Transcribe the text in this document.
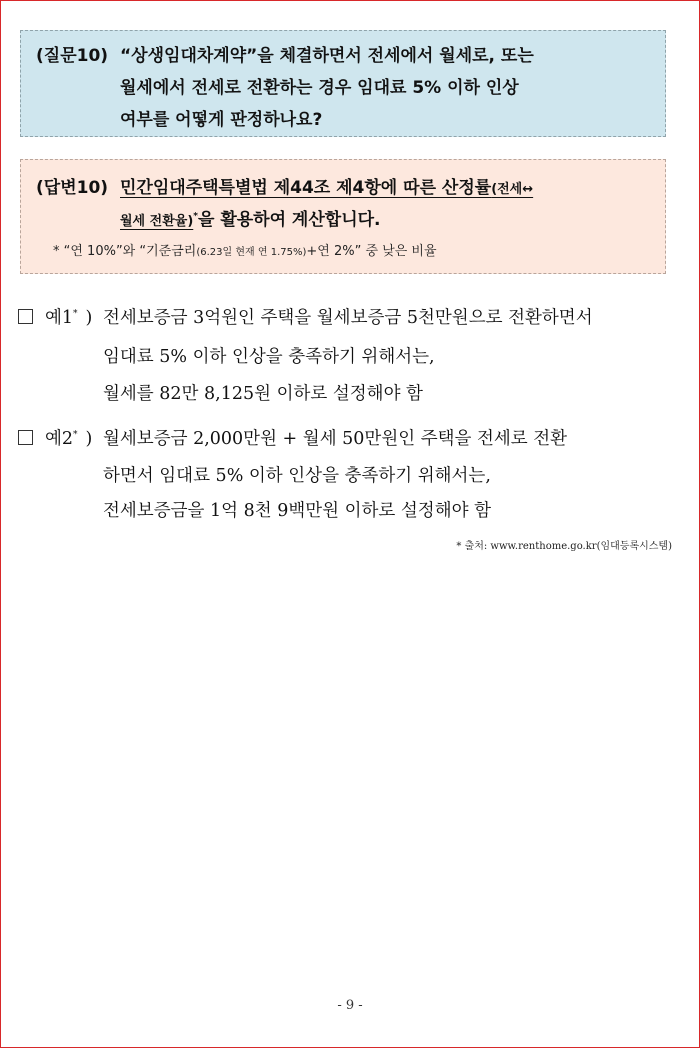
(질문10) “상생임대차계약”을 체결하면서 전세에서 월세로, 또는
월세에서 전세로 전환하는 경우 임대료 5% 이하 인상
여부를 어떻게 판정하나요?
(답변10) 민간임대주택특별법 제44조 제4항에 따른 산정률(전세↔
월세 전환율)*을 활용하여 계산합니다.
* “연 10%”와 “기준금리(6.23일 현재 연 1.75%)+연 2%” 중 낮은 비율
예1* ) 전세보증금 3억원인 주택을 월세보증금 5천만원으로 전환하면서
임대료 5% 이하 인상을 충족하기 위해서는,
월세를 82만 8,125원 이하로 설정해야 함
예2* ) 월세보증금 2,000만원 + 월세 50만원인 주택을 전세로 전환
하면서 임대료 5% 이하 인상을 충족하기 위해서는,
전세보증금을 1억 8천 9백만원 이하로 설정해야 함
* 출처: www.renthome.go.kr(임대등록시스템)
- 9 -
